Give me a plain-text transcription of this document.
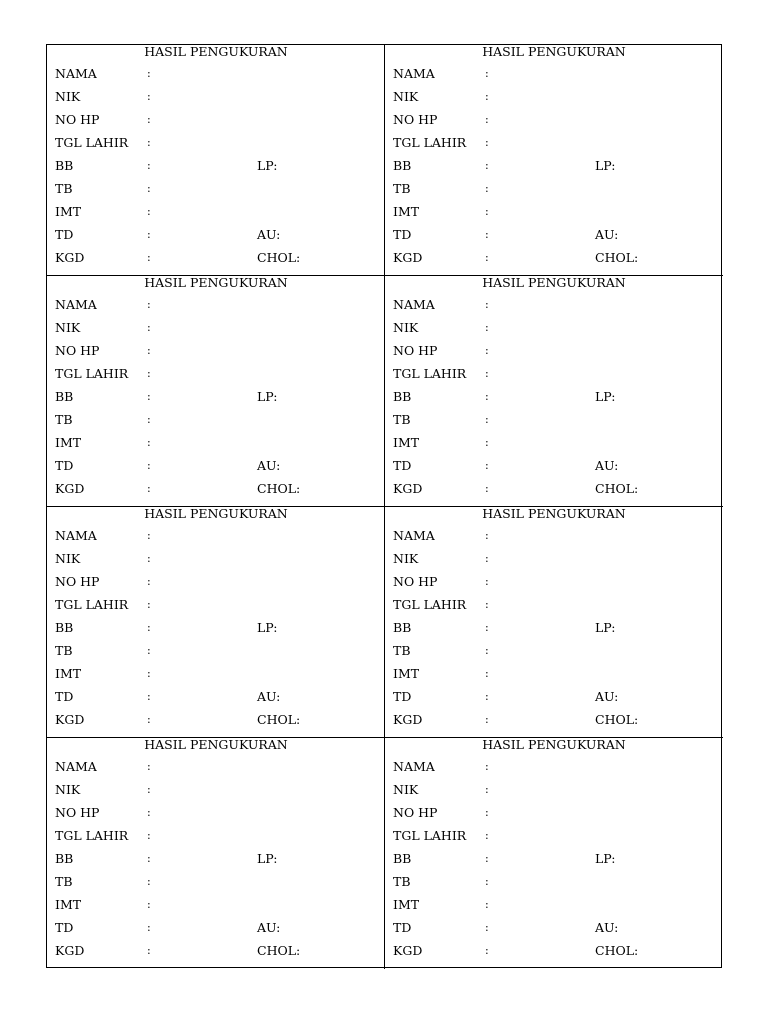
HASIL PENGUKURAN
NAMA	:
NIK	:
NO HP	:
TGL LAHIR :
BB	:	LP:
TB	:
IMT	:
TD	:	AU:
KGD	:	CHOL:
HASIL PENGUKURAN
NAMA	:
NIK	:
NO HP	:
TGL LAHIR :
BB	:	LP:
TB	:
IMT	:
TD	:	AU:
KGD	:	CHOL:
HASIL PENGUKURAN
NAMA	:
NIK	:
NO HP	:
TGL LAHIR :
BB	:	LP:
TB	:
IMT	:
TD	:	AU:
KGD	:	CHOL:
HASIL PENGUKURAN
NAMA	:
NIK	:
NO HP	:
TGL LAHIR :
BB	:	LP:
TB	:
IMT	:
TD	:	AU:
KGD	:	CHOL:
HASIL PENGUKURAN
NAMA	:
NIK	:
NO HP	:
TGL LAHIR :
BB	:	LP:
TB	:
IMT	:
TD	:	AU:
KGD	:	CHOL:
HASIL PENGUKURAN
NAMA	:
NIK	:
NO HP	:
TGL LAHIR :
BB	:	LP:
TB	:
IMT	:
TD	:	AU:
KGD	:	CHOL:
HASIL PENGUKURAN
NAMA	:
NIK	:
NO HP	:
TGL LAHIR :
BB	:	LP:
TB	:
IMT	:
TD	:	AU:
KGD	:	CHOL:
HASIL PENGUKURAN
NAMA	:
NIK	:
NO HP	:
TGL LAHIR :
BB	:	LP:
TB	:
IMT	:
TD	:	AU:
KGD	:	CHOL:
